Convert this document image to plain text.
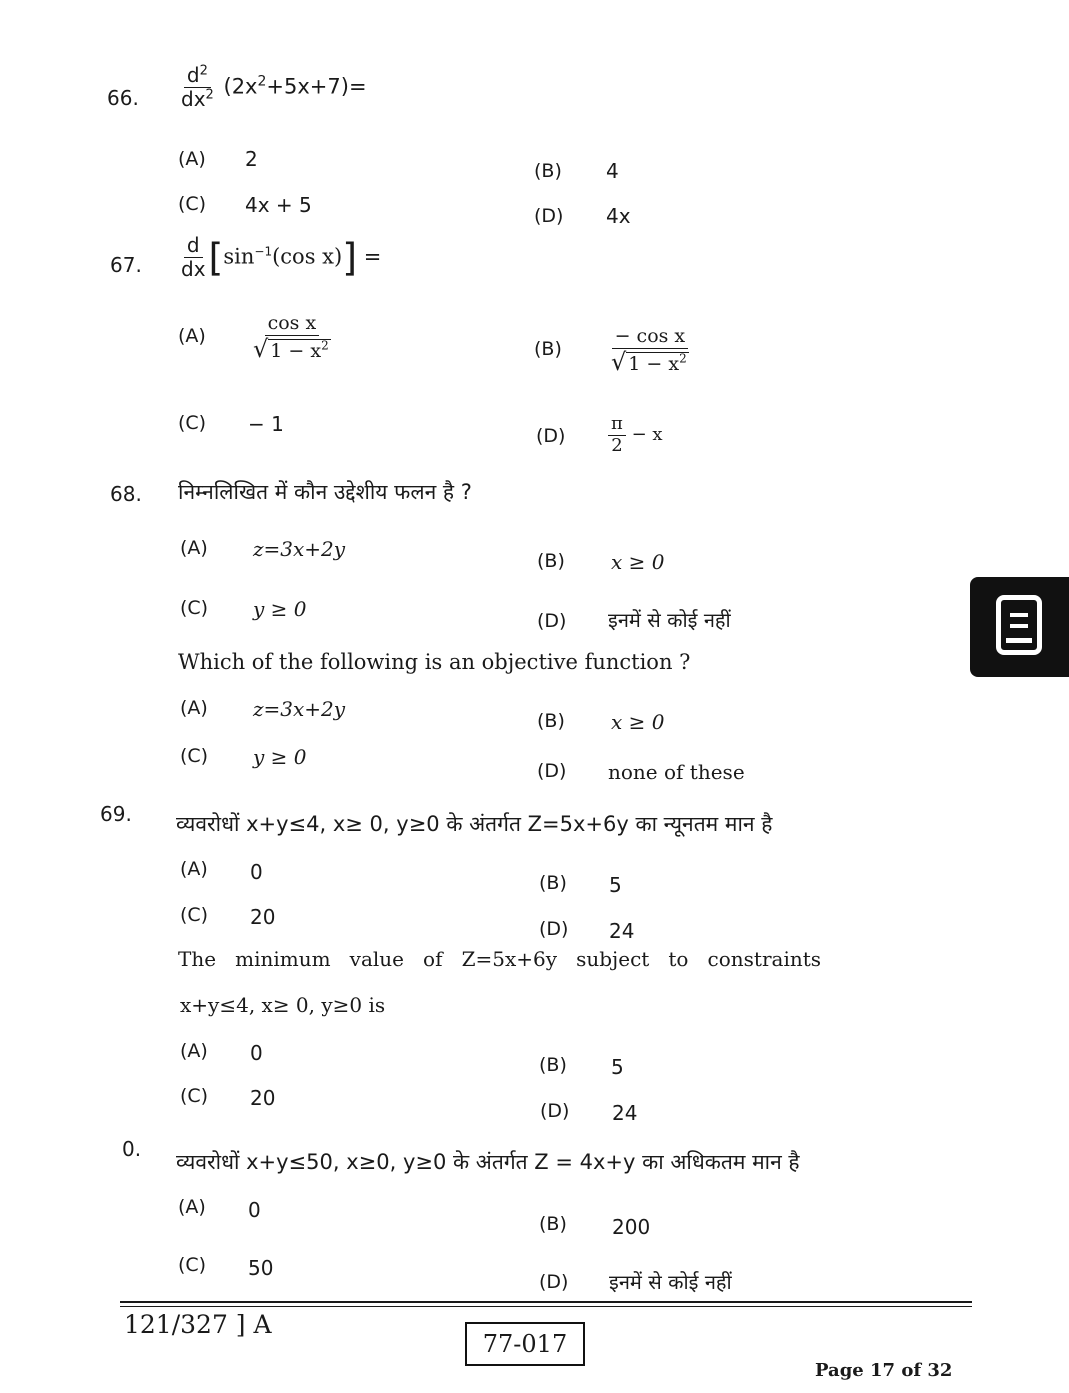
66. $\frac{d^2}{dx^2} (2x^2+5x+7)=$
(A) 2	(B) 4
(C) 4x + 5	(D) 4x
67. $\frac{d}{dx} [\sin^{-1}(\cos$ x)] =
$(A) \frac{\text{cos x}}{√ 1 - x^2}$	$(B) \frac{\text{− cos x}}{√ 1 - x^2}$
(C) − 1	$(D) \frac{\pi}{2} - x$
68. निम्नलिखित में कौन उद्देशीय फलन है ?
(A) z=3x+2y	(B) x ≥ 0
(C) y ≥ 0	(D) इनमें से कोई नहीं
Which of the following is an objective function ?
(A) z=3x+2y	(B) x ≥ 0
(C) y ≥ 0
(D) none of these
69. व्यवरोधों x+y≤4, x≥ 0, y≥0 के अंतर्गत Z=5x+6y का न्यूनतम मान है
(A) 0	(B) 5
(C) 20	(D) 24
The   minimum   value   of   Z=5x+6y   subject   to   constraints
x+y≤4, x≥ 0, y≥0 is
(A) 0	(B) 5
(C) 20
(D) 24
0.
व्यवरोधों x+y≤50, x≥0, y≥0 के अंतर्गत Z = 4x+y का अधिकतम मान है
(A) 0
(B) 200
(C) 50
(D) इनमें से कोई नहीं
121/327 ] A
77-017
Page 17 of 32
